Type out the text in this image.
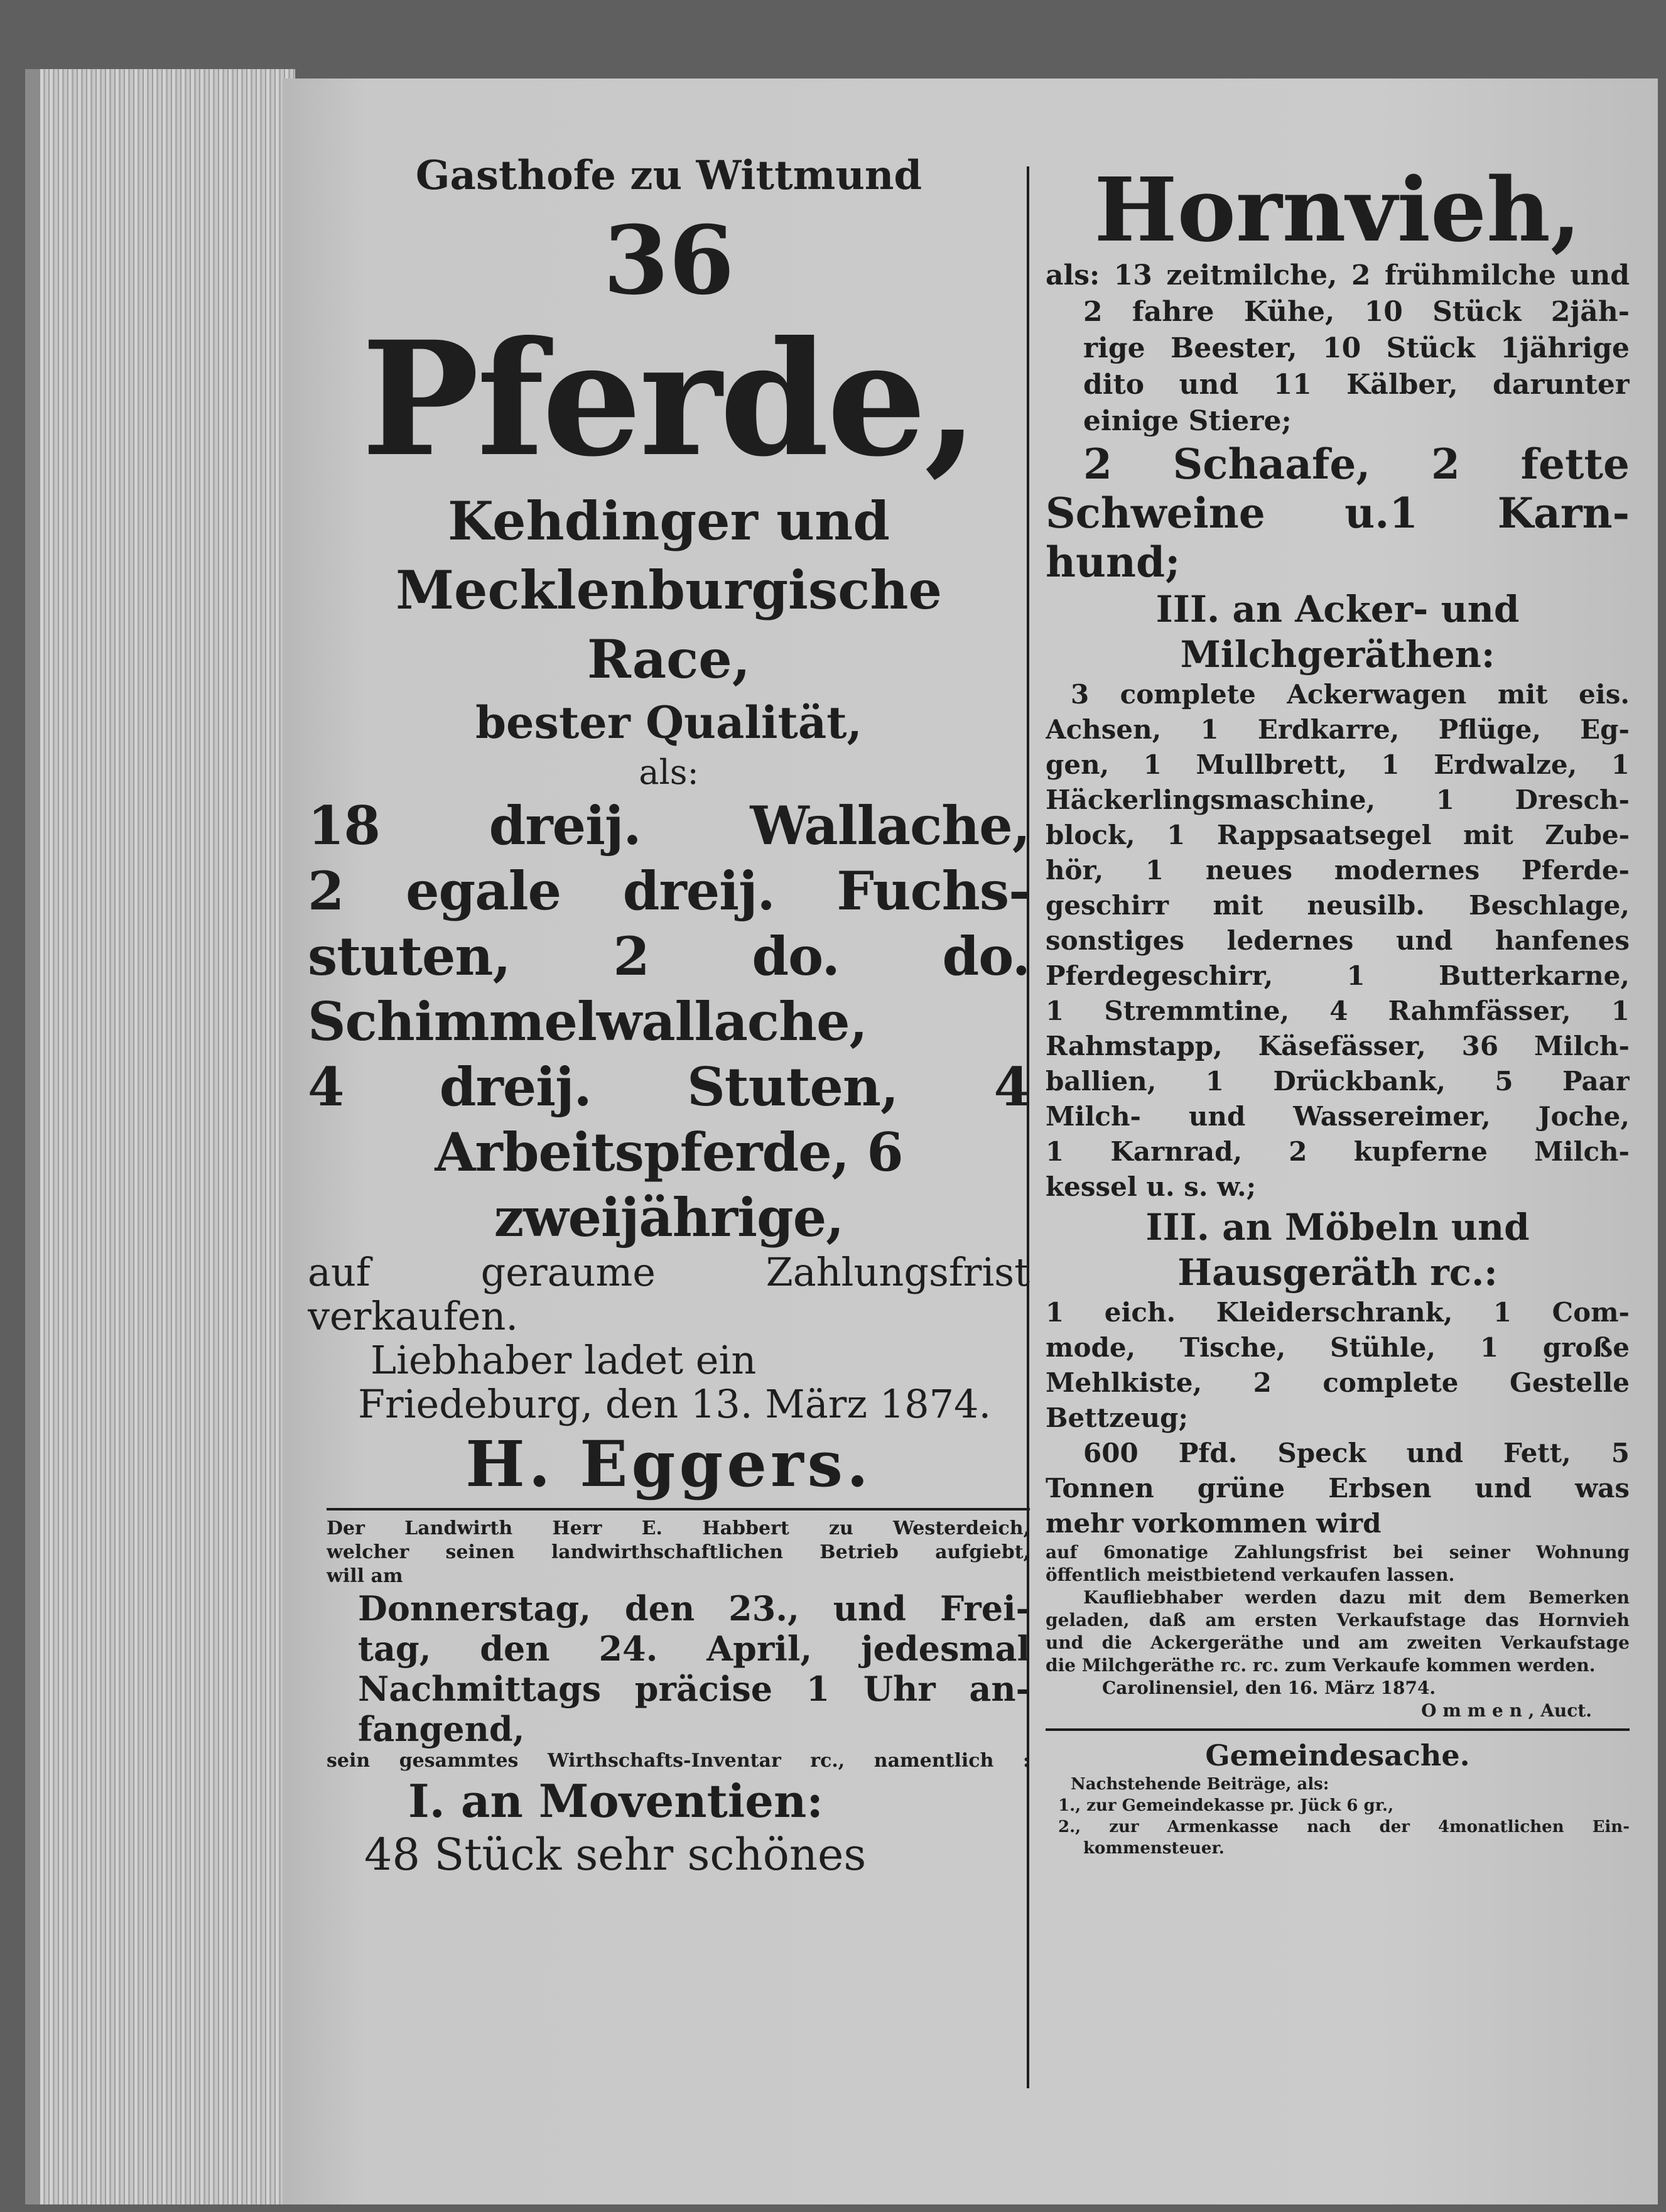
Gasthofe zu Wittmund
36
Pferde,
Kehdinger und
Mecklenburgische
Race,
bester Qualität,
als:
18 dreij. Wallache,
2 egale dreij. Fuchs-
stuten, 2 do. do.
Schimmelwallache,
4 dreij. Stuten, 4
Arbeitspferde, 6
zweijährige,
auf geraume Zahlungsfrist
verkaufen.
Liebhaber ladet ein
Friedeburg, den 13. März 1874.
H. Eggers.
Der Landwirth Herr E. Habbert zu Westerdeich,
welcher seinen landwirthschaftlichen Betrieb aufgiebt,
will am
Donnerstag, den 23., und Frei-
tag, den 24. April, jedesmal
Nachmittags präcise 1 Uhr an-
fangend,
sein gesammtes Wirthschafts-Inventar rc., namentlich :
I. an Moventien:
48 Stück sehr schönes
Hornvieh,
als: 13 zeitmilche, 2 frühmilche und
2 fahre Kühe, 10 Stück 2jäh-
rige Beester, 10 Stück 1jährige
dito und 11 Kälber, darunter
einige Stiere;
2 Schaafe, 2 fette
Schweine u.1 Karn-
hund;
III. an Acker- und
Milchgeräthen:
3 complete Ackerwagen mit eis.
Achsen, 1 Erdkarre, Pflüge, Eg-
gen, 1 Mullbrett, 1 Erdwalze, 1
Häckerlingsmaschine, 1 Dresch-
block, 1 Rappsaatsegel mit Zube-
hör, 1 neues modernes Pferde-
geschirr mit neusilb. Beschlage,
sonstiges ledernes und hanfenes
Pferdegeschirr, 1 Butterkarne,
1 Stremmtine, 4 Rahmfässer, 1
Rahmstapp, Käsefässer, 36 Milch-
ballien, 1 Drückbank, 5 Paar
Milch- und Wassereimer, Joche,
1 Karnrad, 2 kupferne Milch-
kessel u. s. w.;
III. an Möbeln und
Hausgeräth rc.:
1 eich. Kleiderschrank, 1 Com-
mode, Tische, Stühle, 1 große
Mehlkiste, 2 complete Gestelle
Bettzeug;
600 Pfd. Speck und Fett, 5
Tonnen grüne Erbsen und was
mehr vorkommen wird
auf 6monatige Zahlungsfrist bei seiner Wohnung
öffentlich meistbietend verkaufen lassen.
Kaufliebhaber werden dazu mit dem Bemerken
geladen, daß am ersten Verkaufstage das Hornvieh
und die Ackergeräthe und am zweiten Verkaufstage
die Milchgeräthe rc. rc. zum Verkaufe kommen werden.
Carolinensiel, den 16. März 1874.
O m m e n , Auct.
Gemeindesache.
Nachstehende Beiträge, als:
1., zur Gemeindekasse pr. Jück 6 gr.,
2., zur Armenkasse nach der 4monatlichen Ein-
kommensteuer.
